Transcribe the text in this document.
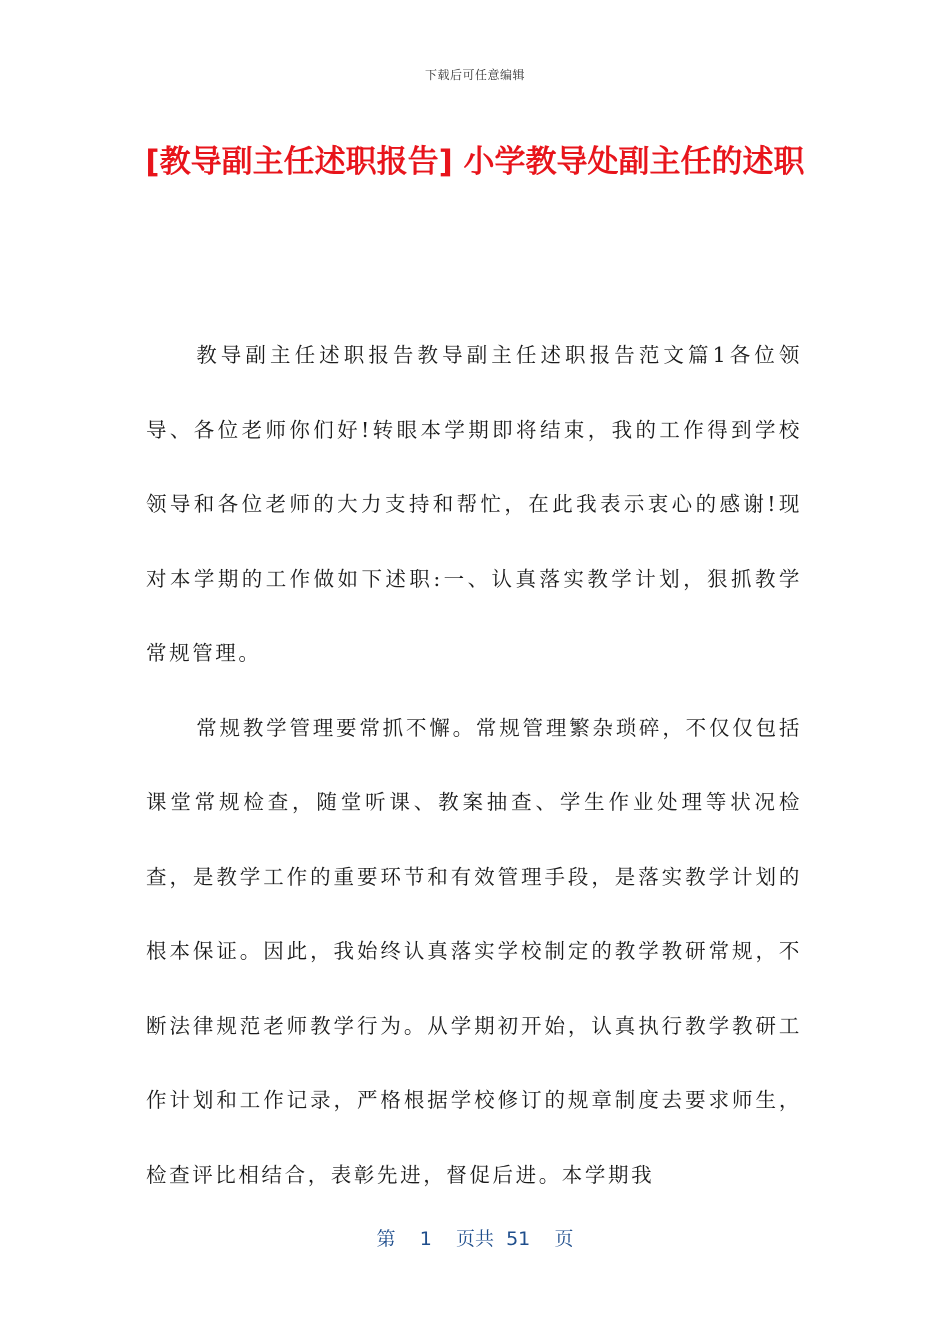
下载后可任意编辑
[教导副主任述职报告] 小学教导处副主任的述职

教导副主任述职报告教导副主任述职报告范文篇1各位领导、各位老师你们好!转眼本学期即将结束，我的工作得到学校领导和各位老师的大力支持和帮忙，在此我表示衷心的感谢!现对本学期的工作做如下述职:一、认真落实教学计划，狠抓教学常规管理。

常规教学管理要常抓不懈。常规管理繁杂琐碎，不仅仅包括课堂常规检查，随堂听课、教案抽查、学生作业处理等状况检查，是教学工作的重要环节和有效管理手段，是落实教学计划的根本保证。因此，我始终认真落实学校制定的教学教研常规，不断法律规范老师教学行为。从学期初开始，认真执行教学教研工作计划和工作记录，严格根据学校修订的规章制度去要求师生，检查评比相结合，表彰先进，督促后进。本学期我

第 1 页共 51 页
